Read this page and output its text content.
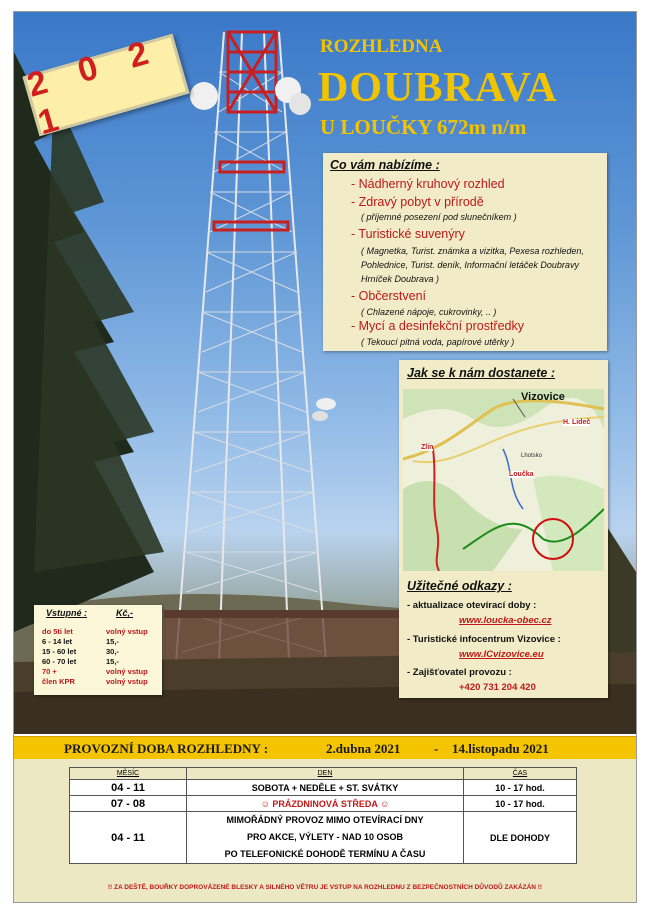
2 0 2 1
ROZHLEDNA
DOUBRAVA
U LOUČKY 672m n/m
Co vám nabízíme :
- Nádherný kruhový rozhled
- Zdravý pobyt v přírodě
( příjemné posezení pod slunečníkem )
- Turistické suvenýry
( Magnetka, Turist. známka a vizitka, Pexesa rozhleden,
Pohlednice, Turist. deník, Informační letáček Doubravy
Hrníček Doubrava )
- Občerstvení
( Chlazené nápoje, cukrovinky, .. )
- Mycí a desinfekční prostředky
( Tekoucí pitná voda, papírové utěrky )
Jak se k nám dostanete :
Vizovice
Zlín
H. Lideč
Loučka
Lhotsko
Užitečné odkazy :
- aktualizace otevírací doby :
www.loucka-obec.cz
- Turistické infocentrum Vizovice :
www.ICvizovice.eu
- Zajišťovatel provozu :
+420 731 204 420
Vstupné :	Kč,-
do 5ti let	volný vstup
6 - 14 let	15,-
15 - 60 let	30,-
60 - 70 let	15,-
70 +	volný vstup
člen KPR	volný vstup
PROVOZNÍ DOBA ROZHLEDNY :	2.dubna 2021	- 14.listopadu 2021
MĚSÍC	DEN	ČAS
04 - 11	SOBOTA + NEDĚLE + ST. SVÁTKY	10 - 17 hod.
07 - 08	☺ PRÁZDNINOVÁ STŘEDA ☺	10 - 17 hod.
04 - 11	MIMOŘÁDNÝ PROVOZ MIMO OTEVÍRACÍ DNY
PRO AKCE, VÝLETY - NAD 10 OSOB
PO TELEFONICKÉ DOHODĚ TERMÍNU A ČASU	DLE DOHODY
!! ZA DEŠTĚ, BOUŘKY DOPROVÁZENÉ BLESKY A SILNÉHO VĚTRU JE VSTUP NA ROZHLEDNU Z BEZPEČNOSTNÍCH DŮVODŮ ZAKÁZÁN !!
